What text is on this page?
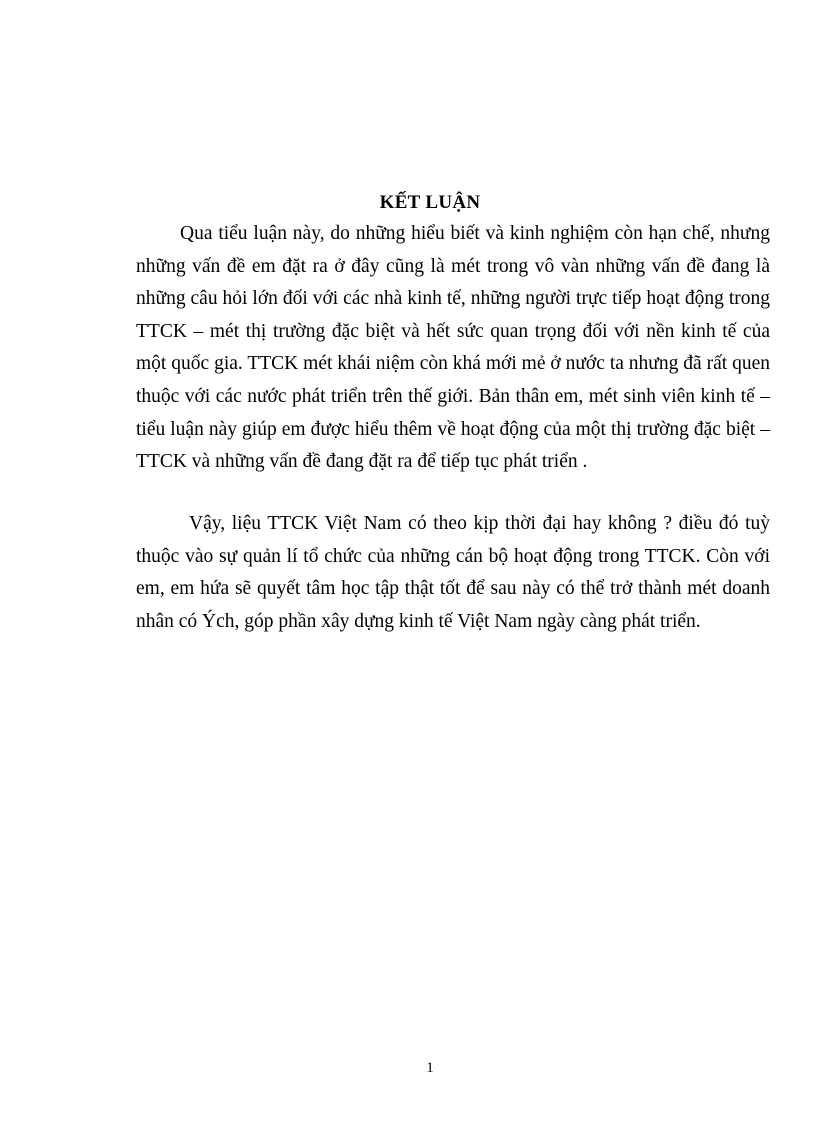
KẾT LUẬN

Qua tiểu luận này, do những hiểu biết và kinh nghiệm còn hạn chế, nhưng những vấn đề em đặt ra ở đây cũng là mét trong vô vàn những vấn đề đang là những câu hỏi lớn đối với các nhà kinh tế, những người trực tiếp hoạt động trong TTCK – mét thị trường đặc biệt và hết sức quan trọng đối với nền kinh tế của một quốc gia. TTCK mét khái niệm còn khá mới mẻ ở nước ta nhưng đã rất quen thuộc với các nước phát triển trên thế giới. Bản thân em, mét sinh viên kinh tế – tiểu luận này giúp em được hiểu thêm về hoạt động của một thị trường đặc biệt –TTCK và những vấn đề đang đặt ra để tiếp tục phát triển .

Vậy, liệu TTCK Việt Nam có theo kịp thời đại hay không ? điều đó tuỳ thuộc vào sự quản lí tổ chức của những cán bộ hoạt động trong TTCK. Còn với em, em hứa sẽ quyết tâm học tập thật tốt để sau này có thể trở thành mét doanh nhân có Ých, góp phần xây dựng kinh tế Việt Nam ngày càng phát triển.

1
